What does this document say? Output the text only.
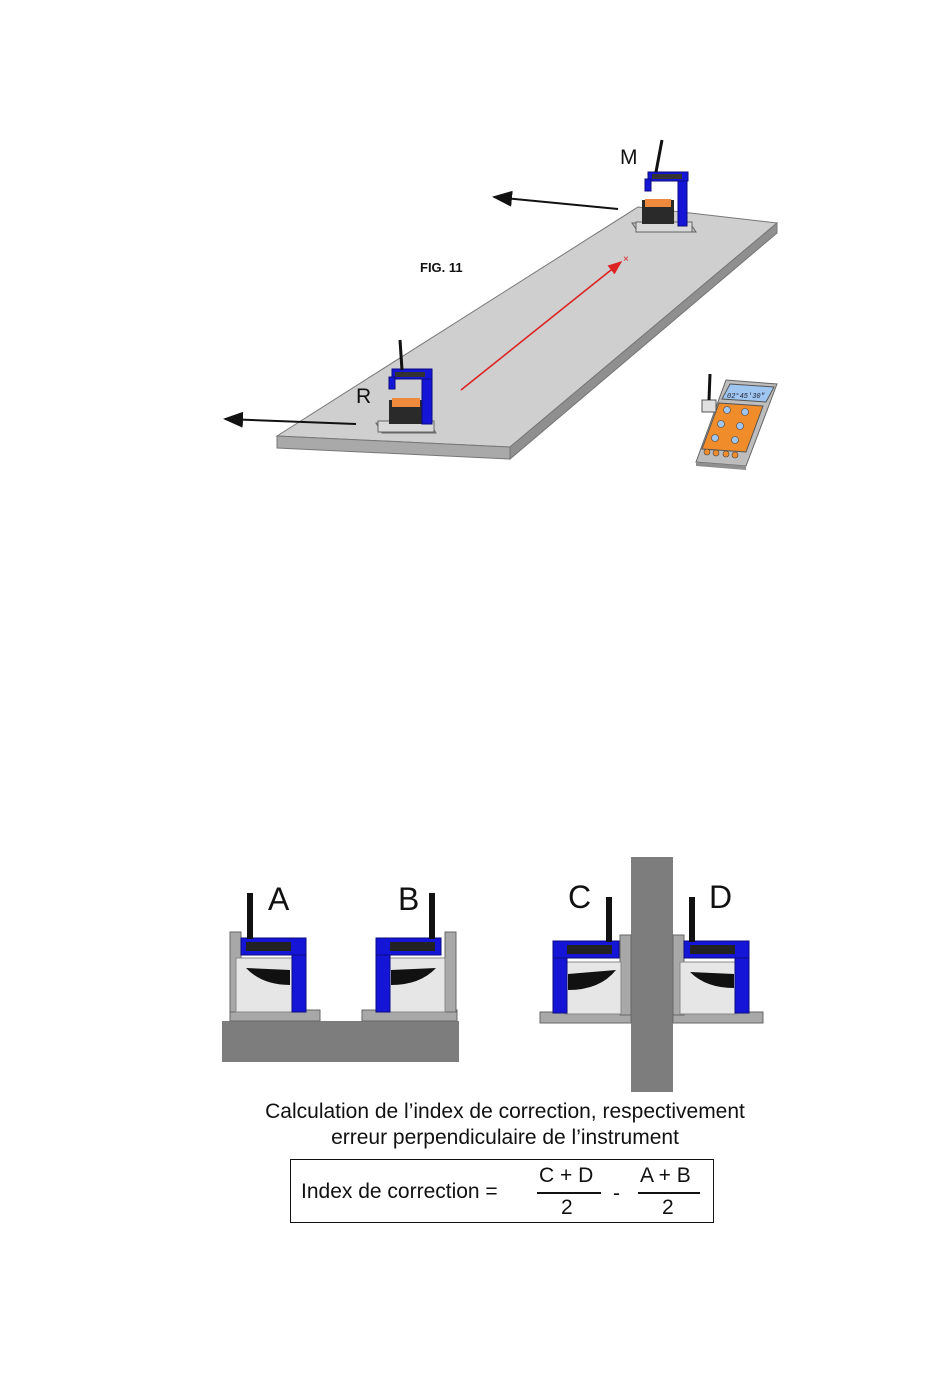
×
M
R
FIG. 11
02°45'30"
A	B	C	D
Calculation de l’index de correction, respectivement
erreur perpendiculaire de l’instrument
Index de correction =
C + D
2
-
A + B
2
